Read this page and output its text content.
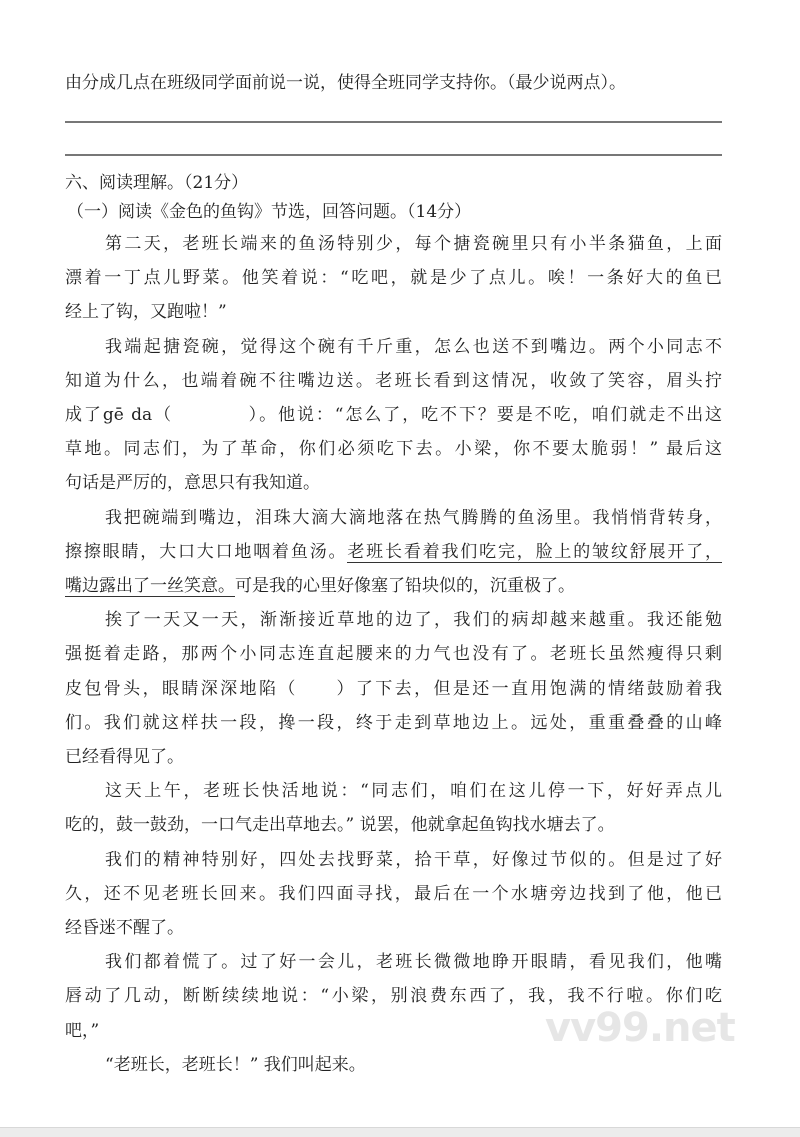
由分成几点在班级同学面前说一说，使得全班同学支持你。（最少说两点）。
六、阅读理解。（21分）
（一）阅读《金色的鱼钩》节选，回答问题。（14分）
第二天，老班长端来的鱼汤特别少，每个搪瓷碗里只有小半条猫鱼，上面
漂着一丁点儿野菜。他笑着说：“吃吧，就是少了点儿。唉！一条好大的鱼已
经上了钩，又跑啦！”
我端起搪瓷碗，觉得这个碗有千斤重，怎么也送不到嘴边。两个小同志不
知道为什么，也端着碗不往嘴边送。老班长看到这情况，收敛了笑容，眉头拧
成了gē da（　　　　）。他说：“怎么了，吃不下？要是不吃，咱们就走不出这
草地。同志们，为了革命，你们必须吃下去。小梁，你不要太脆弱！” 最后这
句话是严厉的，意思只有我知道。
我把碗端到嘴边，泪珠大滴大滴地落在热气腾腾的鱼汤里。我悄悄背转身，
擦擦眼睛，大口大口地咽着鱼汤。老班长看着我们吃完，脸上的皱纹舒展开了，
嘴边露出了一丝笑意。可是我的心里好像塞了铅块似的，沉重极了。
挨了一天又一天，渐渐接近草地的边了，我们的病却越来越重。我还能勉
强挺着走路，那两个小同志连直起腰来的力气也没有了。老班长虽然瘦得只剩
皮包骨头，眼睛深深地陷（　　）了下去，但是还一直用饱满的情绪鼓励着我
们。我们就这样扶一段，搀一段，终于走到草地边上。远处，重重叠叠的山峰
已经看得见了。
这天上午，老班长快活地说：“同志们，咱们在这儿停一下，好好弄点儿
吃的，鼓一鼓劲，一口气走出草地去。” 说罢，他就拿起鱼钩找水塘去了。
我们的精神特别好，四处去找野菜，拾干草，好像过节似的。但是过了好
久，还不见老班长回来。我们四面寻找，最后在一个水塘旁边找到了他，他已
经昏迷不醒了。
我们都着慌了。过了好一会儿，老班长微微地睁开眼睛，看见我们，他嘴
唇动了几动，断断续续地说：“小梁，别浪费东西了，我，我不行啦。你们吃
吧，”
“老班长，老班长！” 我们叫起来。
vv99.net
